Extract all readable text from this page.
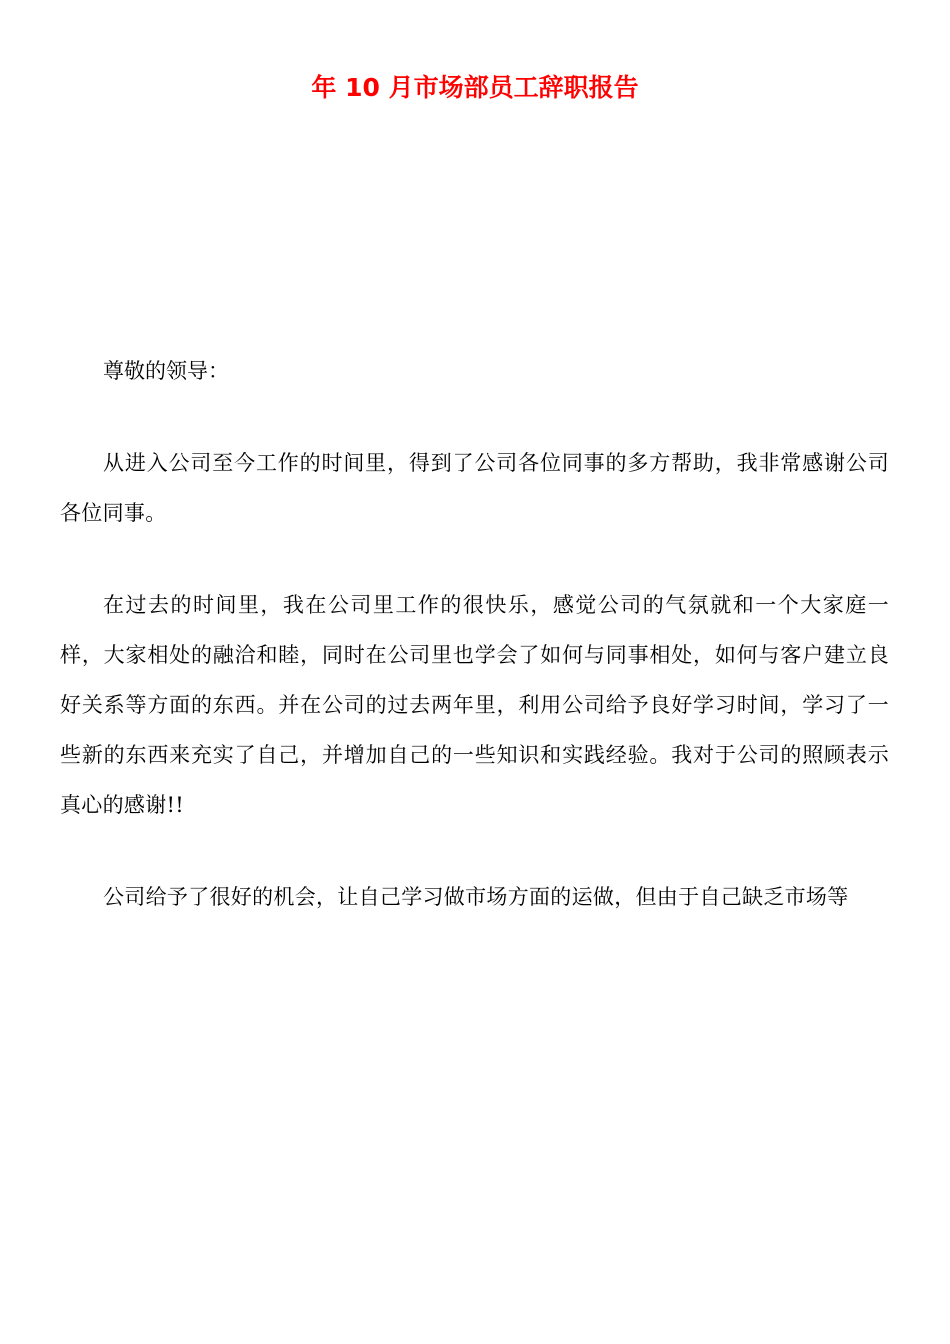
年 10 月市场部员工辞职报告

尊敬的领导：

从进入公司至今工作的时间里，得到了公司各位同事的多方帮助，我非常感谢公司各位同事。

在过去的时间里，我在公司里工作的很快乐，感觉公司的气氛就和一个大家庭一样，大家相处的融洽和睦，同时在公司里也学会了如何与同事相处，如何与客户建立良好关系等方面的东西。并在公司的过去两年里，利用公司给予良好学习时间，学习了一些新的东西来充实了自己，并增加自己的一些知识和实践经验。我对于公司的照顾表示真心的感谢!!

公司给予了很好的机会，让自己学习做市场方面的运做，但由于自己缺乏市场等
